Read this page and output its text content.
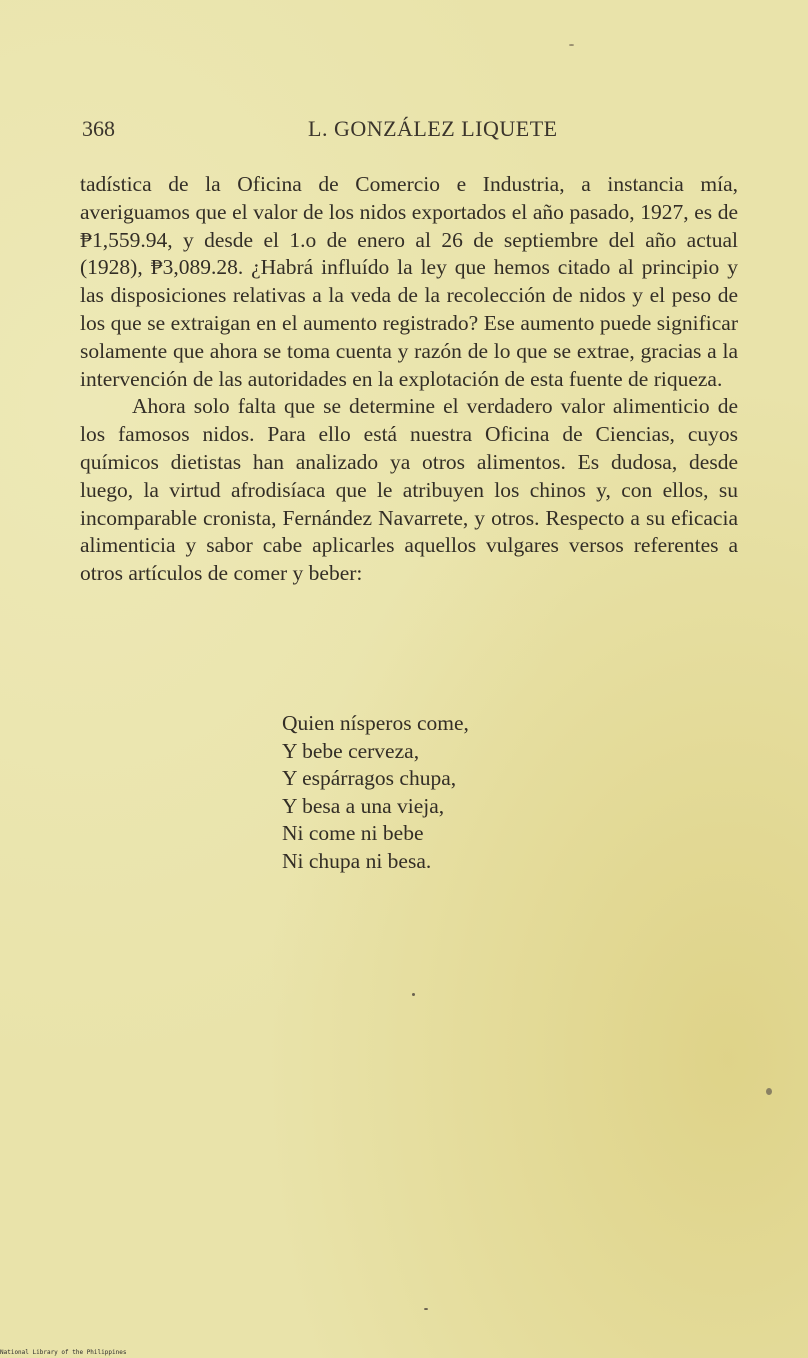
368	L. GONZÁLEZ LIQUETE

tadística de la Oficina de Comercio e Industria, a instancia mía, averiguamos que el valor de los nidos exportados el año pasado, 1927, es de ₱1,559.94, y desde el 1.o de enero al 26 de septiembre del año actual (1928), ₱3,089.28. ¿Habrá influído la ley que hemos citado al principio y las disposiciones relativas a la veda de la recolección de nidos y el peso de los que se extraigan en el aumento registrado? Ese aumento puede significar solamente que ahora se toma cuenta y razón de lo que se extrae, gracias a la intervención de las autoridades en la explotación de esta fuente de riqueza.

Ahora solo falta que se determine el verdadero valor alimenticio de los famosos nidos. Para ello está nuestra Oficina de Ciencias, cuyos químicos dietistas han analizado ya otros alimentos. Es dudosa, desde luego, la virtud afrodisíaca que le atribuyen los chinos y, con ellos, su incomparable cronista, Fernández Navarrete, y otros. Respecto a su eficacia alimenticia y sabor cabe aplicarles aquellos vulgares versos referentes a otros artículos de comer y beber:

Quien nísperos come,
Y bebe cerveza,
Y espárragos chupa,
Y besa a una vieja,
Ni come ni bebe
Ni chupa ni besa.
National Library of the Philippines
